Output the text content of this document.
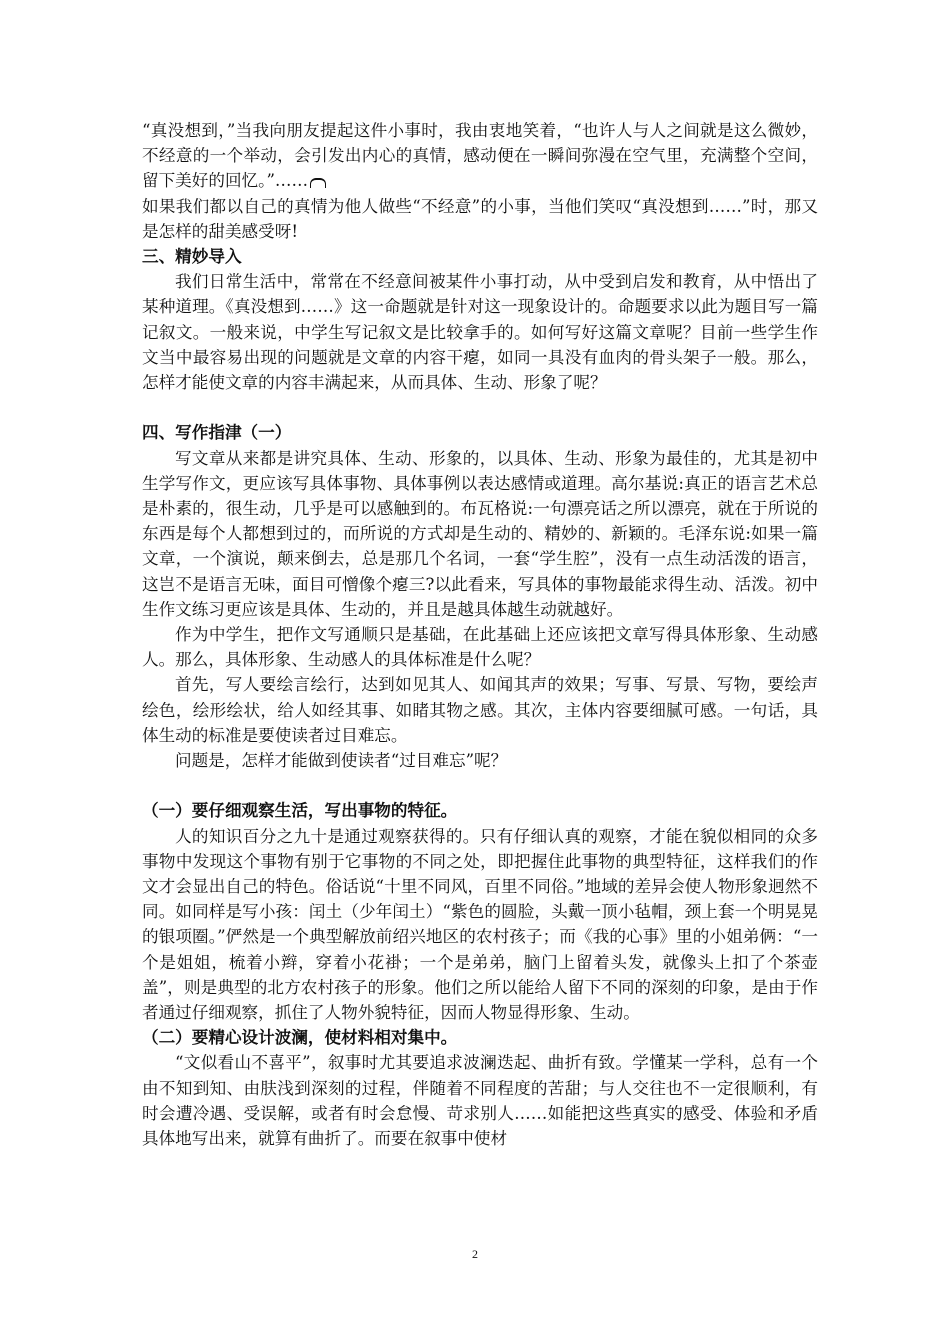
“真没想到，”当我向朋友提起这件小事时，我由衷地笑着，“也许人与人之间就是这么微妙，不经意的一个举动，会引发出内心的真情，感动便在一瞬间弥漫在空气里，充满整个空间，留下美好的回忆。”……

如果我们都以自己的真情为他人做些“不经意”的小事，当他们笑叹“真没想到……”时，那又是怎样的甜美感受呀!

三、精妙导入

我们日常生活中，常常在不经意间被某件小事打动，从中受到启发和教育，从中悟出了某种道理。《真没想到……》这一命题就是针对这一现象设计的。命题要求以此为题目写一篇记叙文。一般来说，中学生写记叙文是比较拿手的。如何写好这篇文章呢？目前一些学生作文当中最容易出现的问题就是文章的内容干瘪，如同一具没有血肉的骨头架子一般。那么，怎样才能使文章的内容丰满起来，从而具体、生动、形象了呢？

四、写作指津（一）

写文章从来都是讲究具体、生动、形象的，以具体、生动、形象为最佳的，尤其是初中生学写作文，更应该写具体事物、具体事例以表达感情或道理。高尔基说:真正的语言艺术总是朴素的，很生动，几乎是可以感触到的。布瓦格说:一句漂亮话之所以漂亮，就在于所说的东西是每个人都想到过的，而所说的方式却是生动的、精妙的、新颖的。毛泽东说:如果一篇文章，一个演说，颠来倒去，总是那几个名词，一套“学生腔”，没有一点生动活泼的语言，这岂不是语言无味，面目可憎像个瘪三?以此看来，写具体的事物最能求得生动、活泼。初中生作文练习更应该是具体、生动的，并且是越具体越生动就越好。

作为中学生，把作文写通顺只是基础，在此基础上还应该把文章写得具体形象、生动感人。那么，具体形象、生动感人的具体标准是什么呢？

首先，写人要绘言绘行，达到如见其人、如闻其声的效果；写事、写景、写物，要绘声绘色，绘形绘状，给人如经其事、如睹其物之感。其次，主体内容要细腻可感。一句话，具体生动的标准是要使读者过目难忘。

问题是，怎样才能做到使读者“过目难忘”呢？

（一）要仔细观察生活，写出事物的特征。

人的知识百分之九十是通过观察获得的。只有仔细认真的观察，才能在貌似相同的众多事物中发现这个事物有别于它事物的不同之处，即把握住此事物的典型特征，这样我们的作文才会显出自己的特色。俗话说“十里不同风，百里不同俗。”地域的差异会使人物形象迥然不同。如同样是写小孩：闰土（少年闰土）“紫色的圆脸，头戴一顶小毡帽，颈上套一个明晃晃的银项圈。”俨然是一个典型解放前绍兴地区的农村孩子；而《我的心事》里的小姐弟俩：“一个是姐姐，梳着小辫，穿着小花褂；一个是弟弟，脑门上留着头发，就像头上扣了个茶壶盖”，则是典型的北方农村孩子的形象。他们之所以能给人留下不同的深刻的印象，是由于作者通过仔细观察，抓住了人物外貌特征，因而人物显得形象、生动。

（二）要精心设计波澜，使材料相对集中。

“文似看山不喜平”，叙事时尤其要追求波澜迭起、曲折有致。学懂某一学科，总有一个由不知到知、由肤浅到深刻的过程，伴随着不同程度的苦甜；与人交往也不一定很顺利，有时会遭冷遇、受误解，或者有时会怠慢、苛求别人……如能把这些真实的感受、体验和矛盾具体地写出来，就算有曲折了。而要在叙事中使材

2
